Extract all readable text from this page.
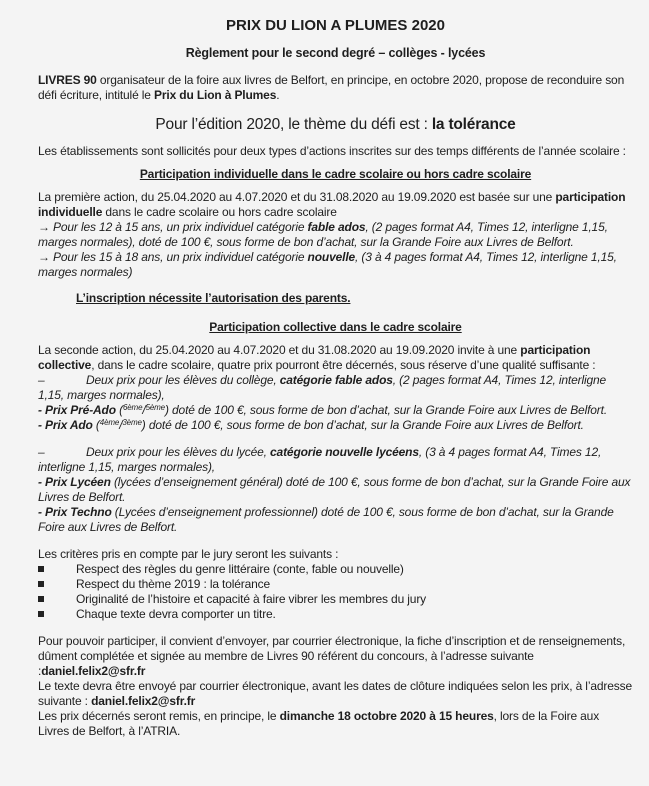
PRIX DU LION A PLUMES 2020
Règlement pour le second degré – collèges - lycées

LIVRES 90 organisateur de la foire aux livres de Belfort, en principe, en octobre 2020, propose de reconduire son défi écriture, intitulé le Prix du Lion à Plumes.

Pour l’édition 2020, le thème du défi est : la tolérance

Les établissements sont sollicités pour deux types d’actions inscrites sur des temps différents de l’année scolaire :

Participation individuelle dans le cadre scolaire ou hors cadre scolaire

La première action, du 25.04.2020 au 4.07.2020 et du 31.08.2020 au 19.09.2020 est basée sur une participation individuelle dans le cadre scolaire ou hors cadre scolaire

→ Pour les 12 à 15 ans, un prix individuel catégorie fable ados, (2 pages format A4, Times 12, interligne 1,15, marges normales), doté de 100 €, sous forme de bon d’achat, sur la Grande Foire aux Livres de Belfort.

→ Pour les 15 à 18 ans, un prix individuel catégorie nouvelle, (3 à 4 pages format A4, Times 12, interligne 1,15, marges normales)

L’inscription nécessite l’autorisation des parents.
Participation collective dans le cadre scolaire

La seconde action, du 25.04.2020 au 4.07.2020 et du 31.08.2020 au 19.09.2020 invite à une participation collective, dans le cadre scolaire, quatre prix pourront être décernés, sous réserve d’une qualité suffisante :

–	Deux prix pour les élèves du collège, catégorie fable ados, (2 pages format A4, Times 12, interligne 1,15, marges normales),

- Prix Pré-Ado ($^{6ème}$/$^{5ème}$) doté de 100 €, sous forme de bon d’achat, sur la Grande Foire aux Livres de Belfort.

- Prix Ado ($^{4ème}$/$^{3ème}$) doté de 100 €, sous forme de bon d’achat, sur la Grande Foire aux Livres de Belfort.

–	Deux prix pour les élèves du lycée, catégorie nouvelle lycéens, (3 à 4 pages format A4, Times 12, interligne 1,15, marges normales),

- Prix Lycéen (lycées d’enseignement général) doté de 100 €, sous forme de bon d’achat, sur la Grande Foire aux Livres de Belfort.

- Prix Techno (Lycées d’enseignement professionnel) doté de 100 €, sous forme de bon d’achat, sur la Grande Foire aux Livres de Belfort.

Les critères pris en compte par le jury seront les suivants :

Respect des règles du genre littéraire (conte, fable ou nouvelle)
Respect du thème 2019 : la tolérance
Originalité de l’histoire et capacité à faire vibrer les membres du jury
Chaque texte devra comporter un titre.

Pour pouvoir participer, il convient d’envoyer, par courrier électronique, la fiche d’inscription et de renseignements, dûment complétée et signée au membre de Livres 90 référent du concours, à l’adresse suivante :daniel.felix2@sfr.fr

Le texte devra être envoyé par courrier électronique, avant les dates de clôture indiquées selon les prix, à l’adresse suivante : daniel.felix2@sfr.fr

Les prix décernés seront remis, en principe, le dimanche 18 octobre 2020 à 15 heures, lors de la Foire aux Livres de Belfort, à l’ATRIA.
